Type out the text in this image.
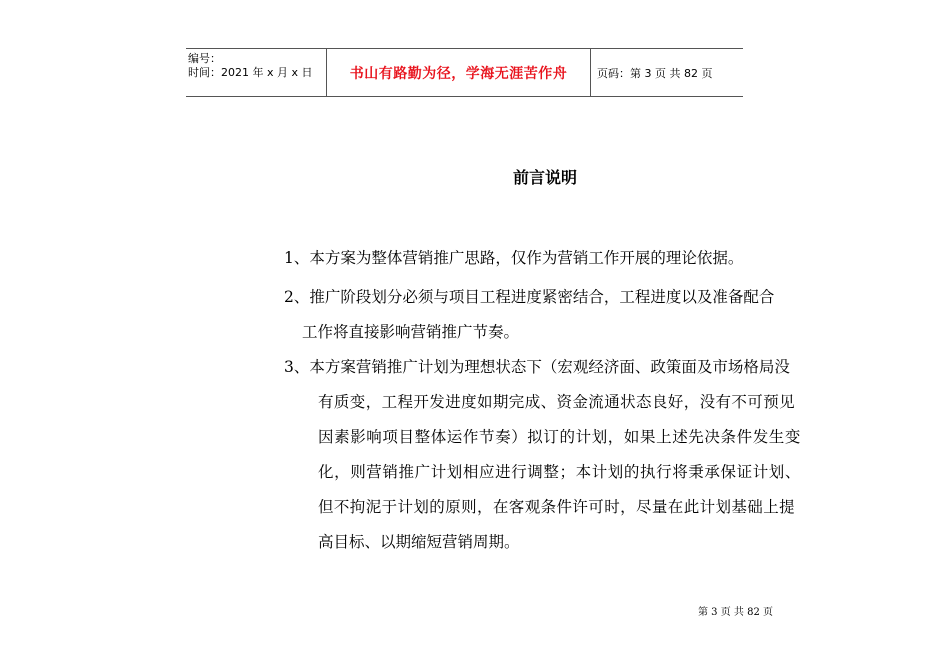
编号：
时间：2021 年 x 月 x 日	书山有路勤为径，学海无涯苦作舟	页码：第 3 页 共 82 页
前言说明
1、本方案为整体营销推广思路，仅作为营销工作开展的理论依据。
2、推广阶段划分必须与项目工程进度紧密结合，工程进度以及准备配合
工作将直接影响营销推广节奏。
3、本方案营销推广计划为理想状态下（宏观经济面、政策面及市场格局没
有质变，工程开发进度如期完成、资金流通状态良好，没有不可预见
因素影响项目整体运作节奏）拟订的计划，如果上述先决条件发生变
化，则营销推广计划相应进行调整；本计划的执行将秉承保证计划、
但不拘泥于计划的原则，在客观条件许可时，尽量在此计划基础上提
高目标、以期缩短营销周期。
第 3 页 共 82 页
